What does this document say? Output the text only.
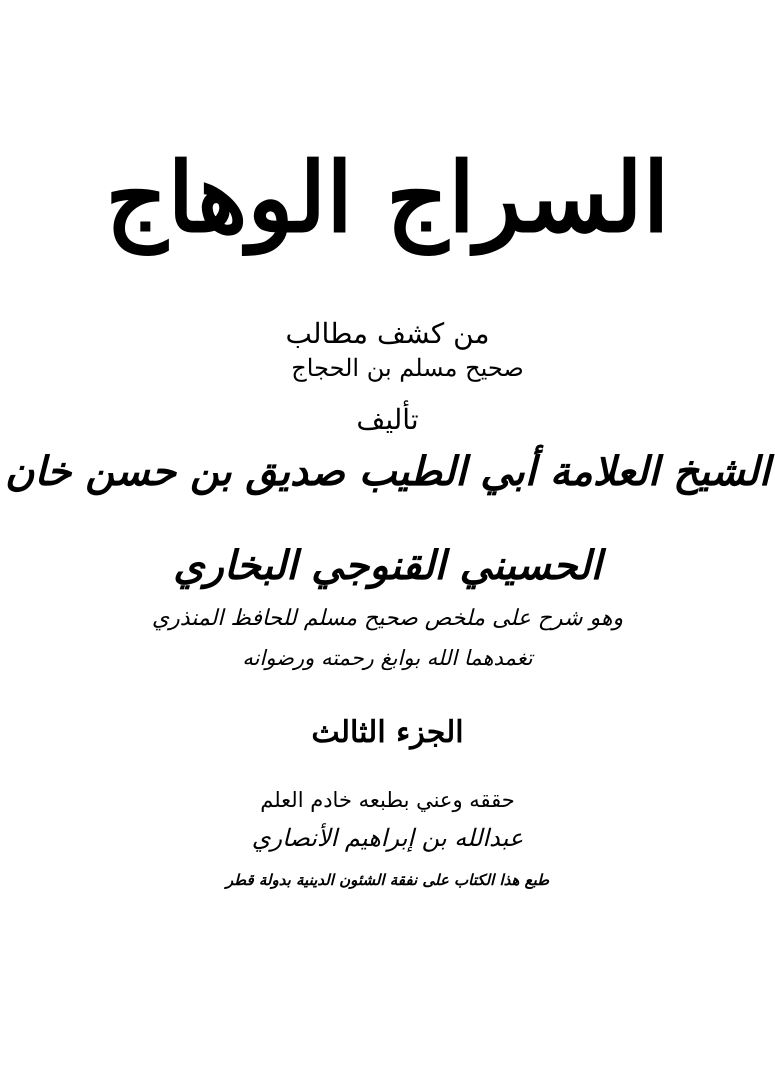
السراج الوهاج
من كشف مطالب
صحيح مسلم بن الحجاج
تأليف
الشيخ العلامة أبي الطيب صديق بن حسن خان
الحسيني القنوجي البخاري
وهو شرح على ملخص صحيح مسلم للحافظ المنذري
تغمدهما الله بوابغ رحمته ورضوانه
الجزء الثالث
حققه وعني بطبعه خادم العلم
عبدالله بن إبراهيم الأنصاري
طبع هذا الكتاب على نفقة الشئون الدينية بدولة قطر
